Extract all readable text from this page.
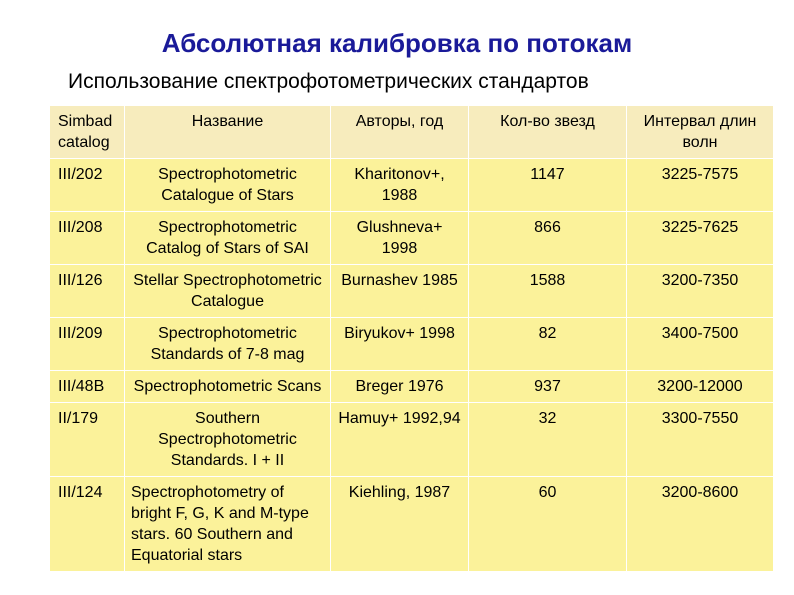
Абсолютная калибровка по потокам
Использование спектрофотометрических стандартов
Simbad catalog	Название	Авторы, год	Кол-во звезд	Интервал длин волн
III/202	Spectrophotometric Catalogue of Stars	Kharitonov+, 1988	1147	3225-7575
III/208	Spectrophotometric Catalog of Stars of SAI	Glushneva+ 1998	866	3225-7625
III/126	Stellar Spectrophotometric Catalogue	Burnashev 1985	1588	3200-7350
III/209	Spectrophotometric Standards of 7-8 mag	Biryukov+ 1998	82	3400-7500
III/48B	Spectrophotometric Scans	Breger 1976	937	3200-12000
II/179	Southern Spectrophotometric Standards. I + II	Hamuy+ 1992,94	32	3300-7550
III/124	Spectrophotometry of bright F, G, K and M-type stars. 60 Southern and Equatorial stars	Kiehling, 1987	60	3200-8600
